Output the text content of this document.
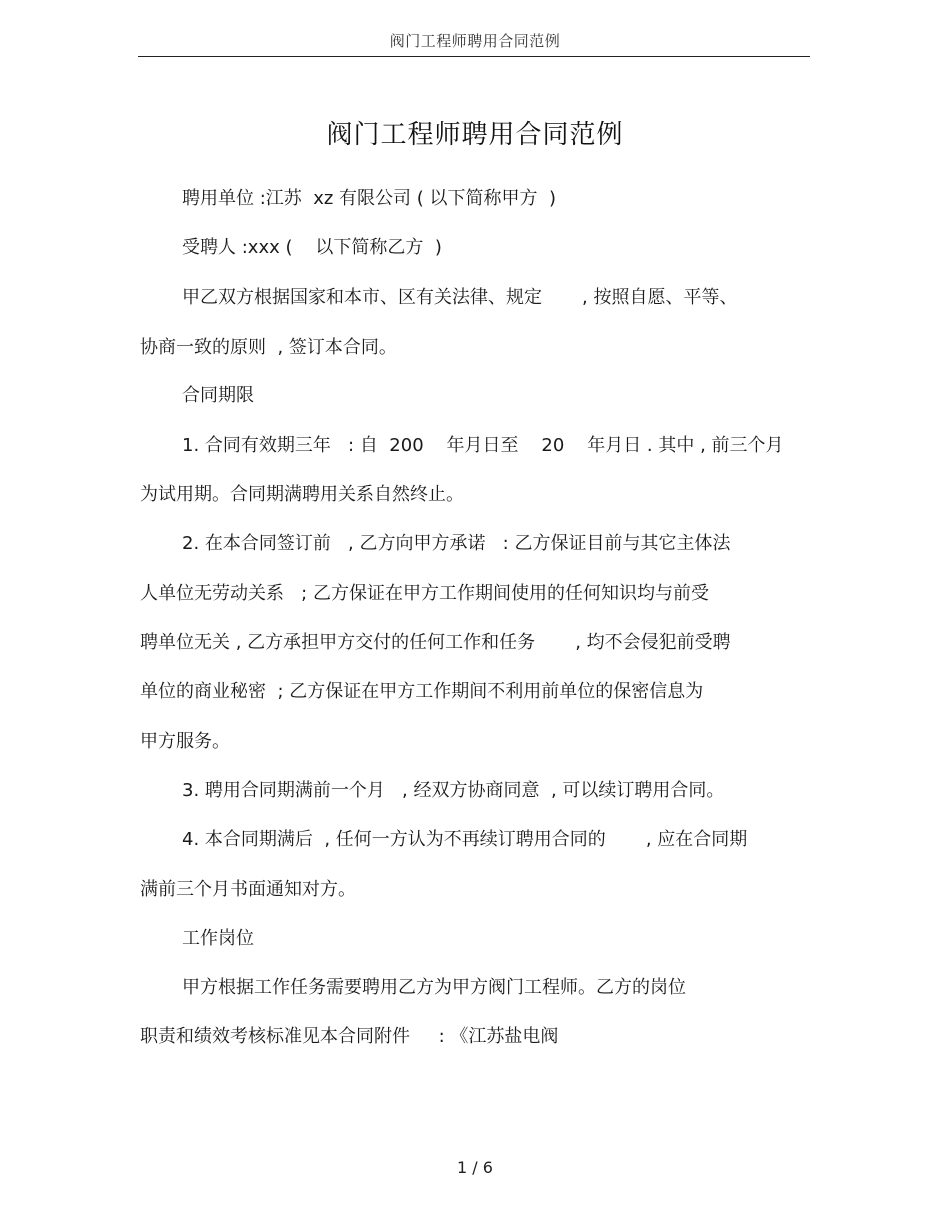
阀门工程师聘用合同范例
阀门工程师聘用合同范例
聘用单位 :江苏  xz 有限公司 ( 以下简称甲方  )
受聘人 :xxx (    以下简称乙方  )
甲乙双方根据国家和本市、区有关法律、规定       , 按照自愿、平等、
协商一致的原则  , 签订本合同。
合同期限
1. 合同有效期三年   : 自  200    年月日至    20    年月日 . 其中 , 前三个月
为试用期。合同期满聘用关系自然终止。
2. 在本合同签订前   , 乙方向甲方承诺   : 乙方保证目前与其它主体法
人单位无劳动关系   ; 乙方保证在甲方工作期间使用的任何知识均与前受
聘单位无关 , 乙方承担甲方交付的任何工作和任务       , 均不会侵犯前受聘
单位的商业秘密  ; 乙方保证在甲方工作期间不利用前单位的保密信息为
甲方服务。
3. 聘用合同期满前一个月   , 经双方协商同意  , 可以续订聘用合同。
4. 本合同期满后  , 任何一方认为不再续订聘用合同的       , 应在合同期
满前三个月书面通知对方。
工作岗位
甲方根据工作任务需要聘用乙方为甲方阀门工程师。乙方的岗位
职责和绩效考核标准见本合同附件     : 《江苏盐电阀
1 / 6
